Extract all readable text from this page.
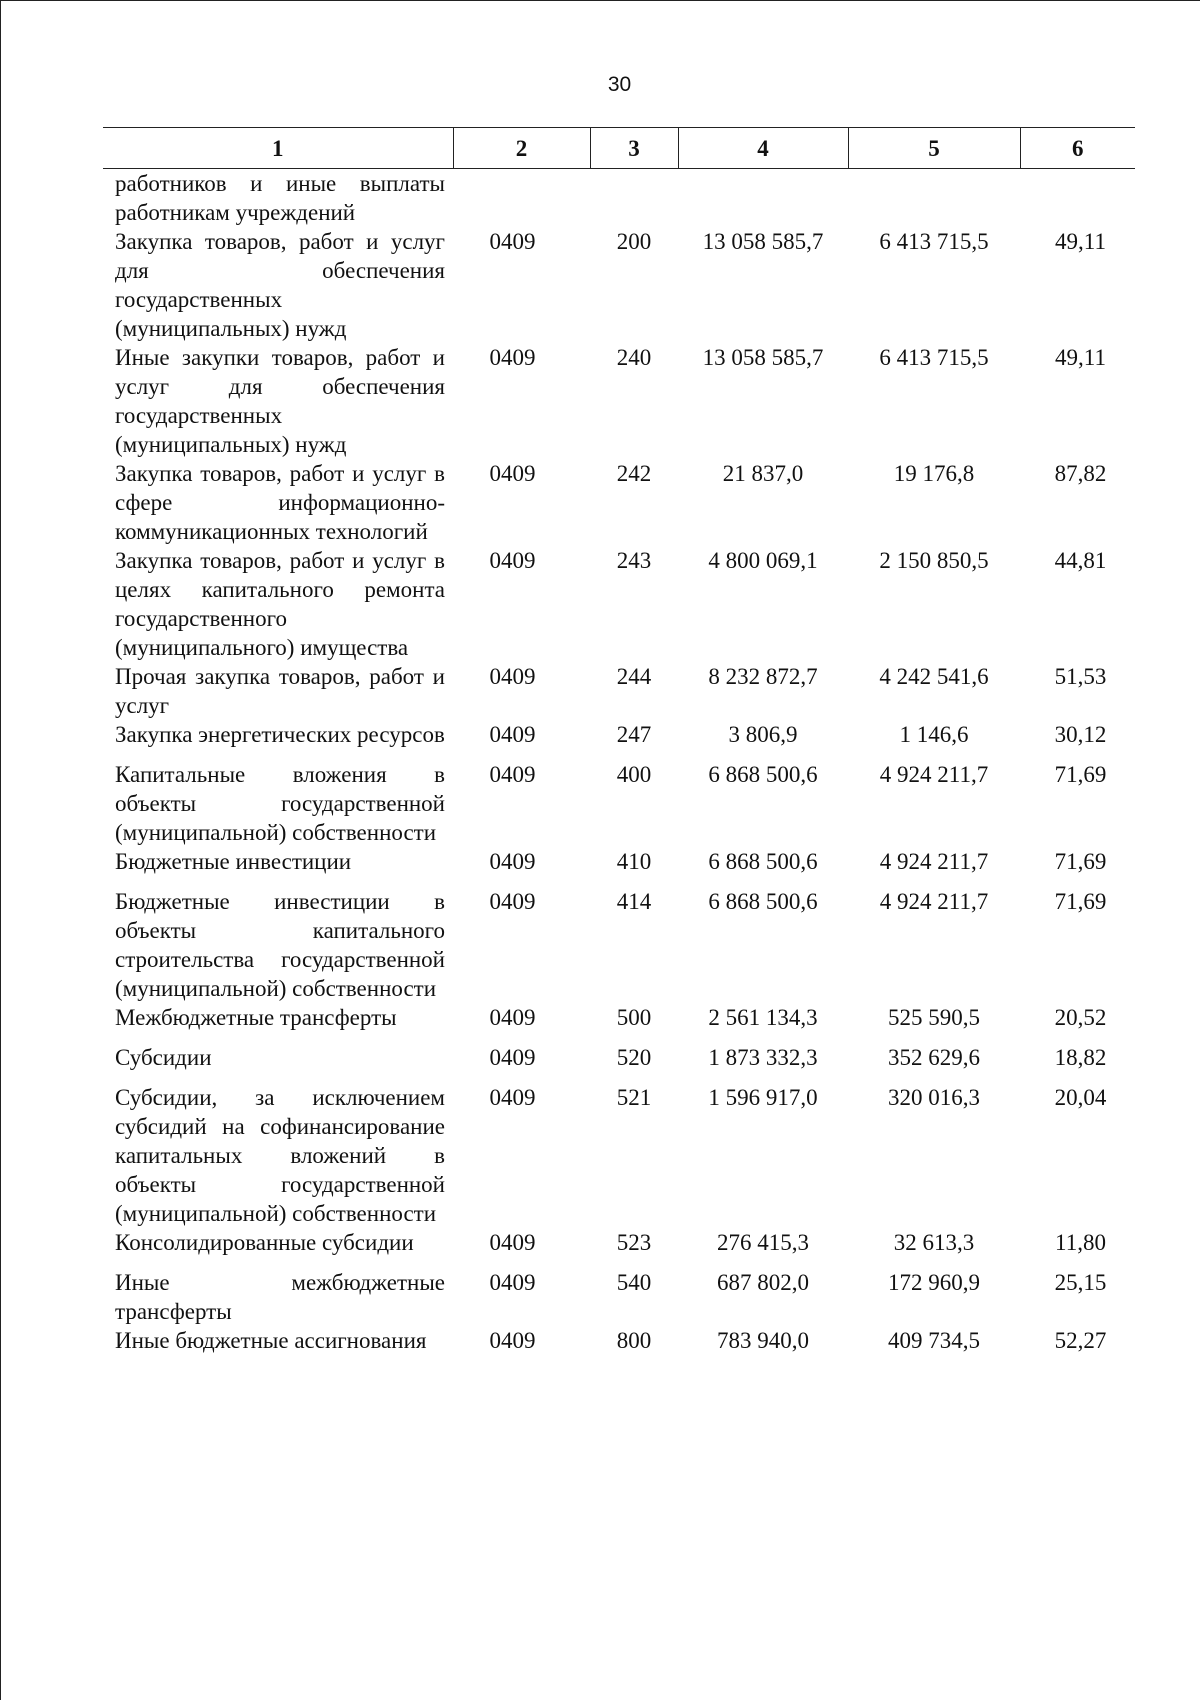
30
1	2	3	4	5	6
работников и иные выплаты работникам учреждений					
Закупка товаров, работ и услуг для обеспечения государственных (муниципальных) нужд	0409	200	13 058 585,7	6 413 715,5	49,11
Иные закупки товаров, работ и услуг для обеспечения государственных (муниципальных) нужд	0409	240	13 058 585,7	6 413 715,5	49,11
Закупка товаров, работ и услуг в сфере информационно-коммуникационных технологий	0409	242	21 837,0	19 176,8	87,82
Закупка товаров, работ и услуг в целях капитального ремонта государственного (муниципального) имущества	0409	243	4 800 069,1	2 150 850,5	44,81
Прочая закупка товаров, работ и услуг	0409	244	8 232 872,7	4 242 541,6	51,53
Закупка энергетических ресурсов	0409	247	3 806,9	1 146,6	30,12
Капитальные вложения в объекты государственной (муниципальной) собственности	0409	400	6 868 500,6	4 924 211,7	71,69
Бюджетные инвестиции	0409	410	6 868 500,6	4 924 211,7	71,69
Бюджетные инвестиции в объекты капитального строительства государственной (муниципальной) собственности	0409	414	6 868 500,6	4 924 211,7	71,69
Межбюджетные трансферты	0409	500	2 561 134,3	525 590,5	20,52
Субсидии	0409	520	1 873 332,3	352 629,6	18,82
Субсидии, за исключением субсидий на софинансирование капитальных вложений в объекты государственной (муниципальной) собственности	0409	521	1 596 917,0	320 016,3	20,04
Консолидированные субсидии	0409	523	276 415,3	32 613,3	11,80
Иные межбюджетные трансферты	0409	540	687 802,0	172 960,9	25,15
Иные бюджетные ассигнования	0409	800	783 940,0	409 734,5	52,27
